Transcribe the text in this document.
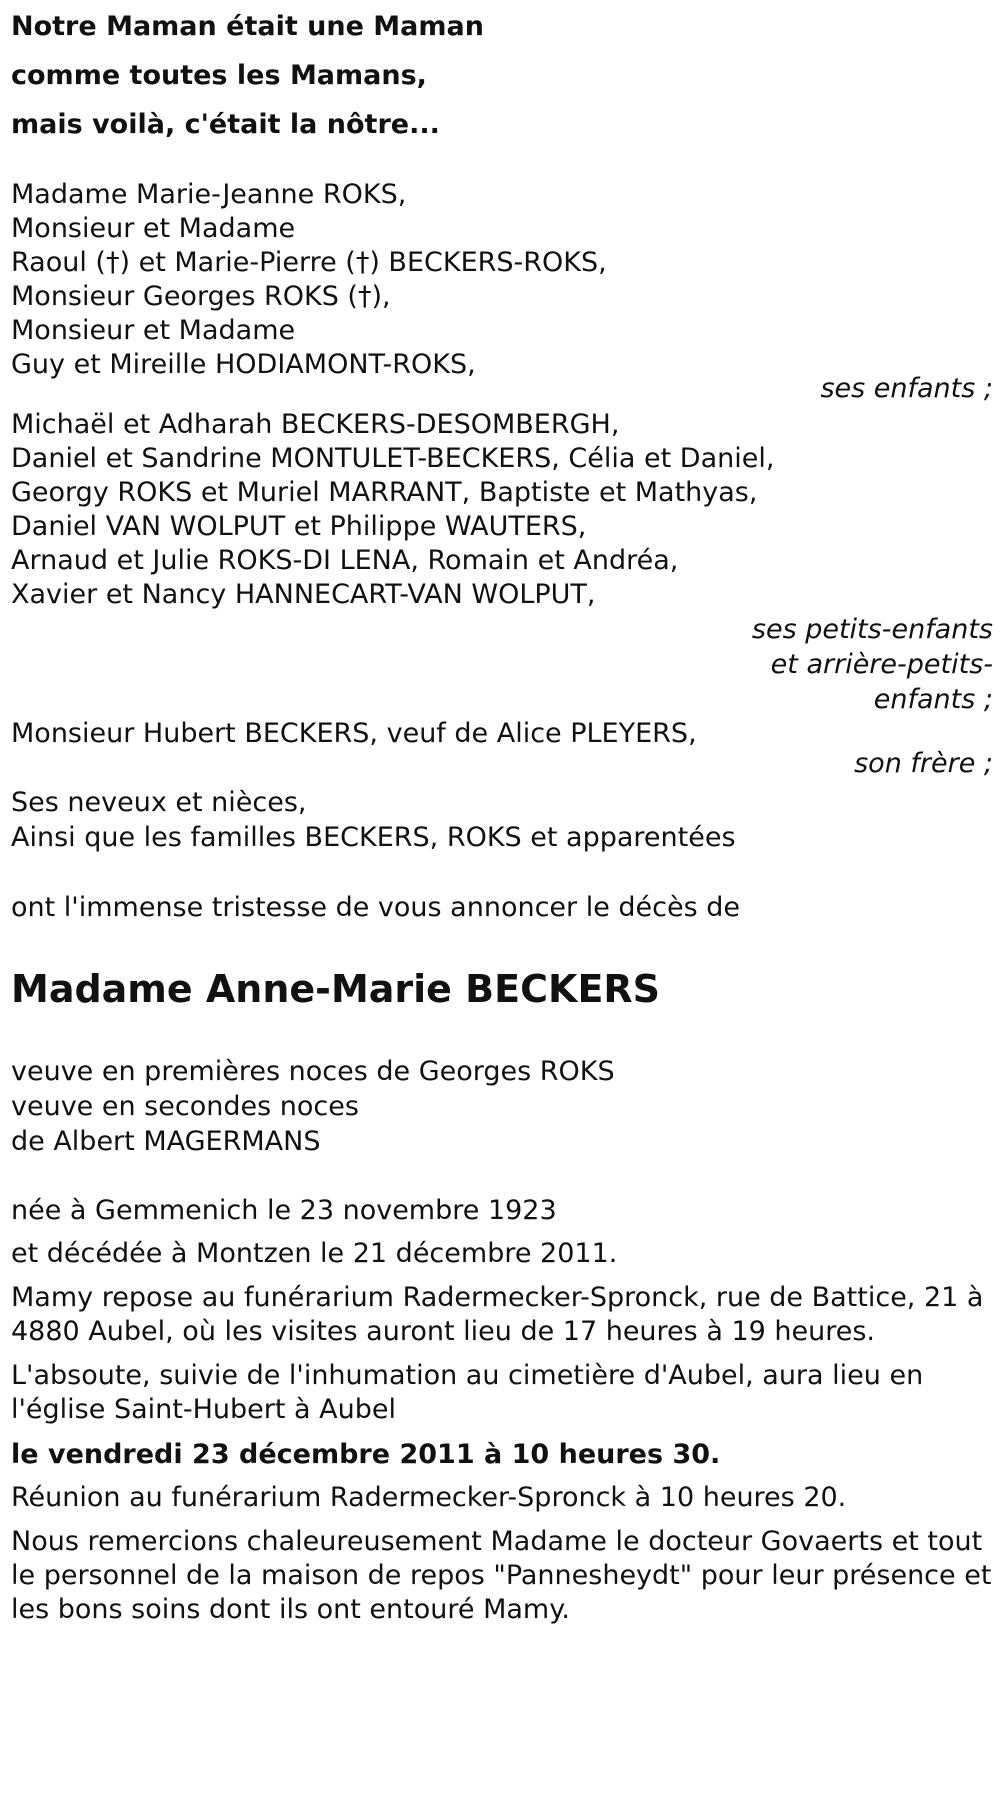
Notre Maman était une Maman
comme toutes les Mamans,
mais voilà, c'était la nôtre...
Madame Marie-Jeanne ROKS,
Monsieur et Madame
Raoul (†) et Marie-Pierre (†) BECKERS-ROKS,
Monsieur Georges ROKS (†),
Monsieur et Madame
Guy et Mireille HODIAMONT-ROKS,
ses enfants ;
Michaël et Adharah BECKERS-DESOMBERGH,
Daniel et Sandrine MONTULET-BECKERS, Célia et Daniel,
Georgy ROKS et Muriel MARRANT, Baptiste et Mathyas,
Daniel VAN WOLPUT et Philippe WAUTERS,
Arnaud et Julie ROKS-DI LENA, Romain et Andréa,
Xavier et Nancy HANNECART-VAN WOLPUT,
ses petits-enfants
et arrière-petits-
enfants ;
Monsieur Hubert BECKERS, veuf de Alice PLEYERS,
son frère ;
Ses neveux et nièces,
Ainsi que les familles BECKERS, ROKS et apparentées
ont l'immense tristesse de vous annoncer le décès de
Madame Anne-Marie BECKERS
veuve en premières noces de Georges ROKS
veuve en secondes noces
de Albert MAGERMANS
née à Gemmenich le 23 novembre 1923
et décédée à Montzen le 21 décembre 2011.
Mamy repose au funérarium Radermecker-Spronck, rue de Battice, 21 à 4880 Aubel, où les visites auront lieu de 17 heures à 19 heures.
L'absoute, suivie de l'inhumation au cimetière d'Aubel, aura lieu en l'église Saint-Hubert à Aubel
le vendredi 23 décembre 2011 à 10 heures 30.
Réunion au funérarium Radermecker-Spronck à 10 heures 20.
Nous remercions chaleureusement Madame le docteur Govaerts et tout le personnel de la maison de repos "Pannesheydt" pour leur présence et les bons soins dont ils ont entouré Mamy.
